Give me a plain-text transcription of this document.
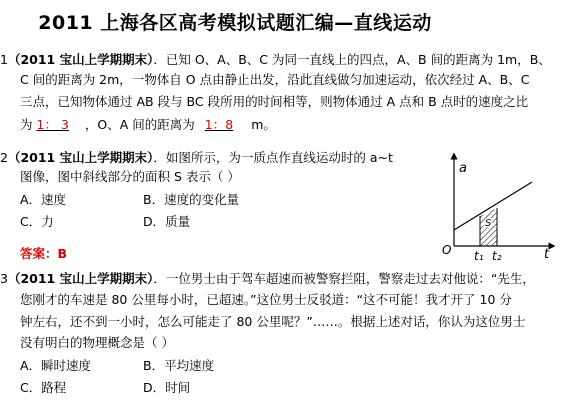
2011 上海各区高考模拟试题汇编—直线运动
1（2011 宝山上学期期末）．已知 O、A、B、C 为同一直线上的四点，A、B 间的距离为 1m，B、
C 间的距离为 2m，一物体自 O 点由静止出发，沿此直线做匀加速运动，依次经过 A、B、C
三点，已知物体通过 AB 段与 BC 段所用的时间相等，则物体通过 A 点和 B 点时的速度之比
为 1： 3 ，O、A 间的距离为 1：8 m。
2（2011 宝山上学期期末）．如图所示，为一质点作直线运动时的 a~t
图像，图中斜线部分的面积 S 表示（ ）
A．速度	B．速度的变化量
C．力	D．质量
答案：B
a
t
O t₁ t₂
S
3（2011 宝山上学期期末）．一位男士由于驾车超速而被警察拦阻，警察走过去对他说：“先生，
您刚才的车速是 80 公里每小时，已超速。”这位男士反驳道：“这不可能！我才开了 10 分
钟左右，还不到一小时，怎么可能走了 80 公里呢？”……。根据上述对话，你认为这位男士
没有明白的物理概念是（ ）
A．瞬时速度	B．平均速度
C．路程	D．时间
